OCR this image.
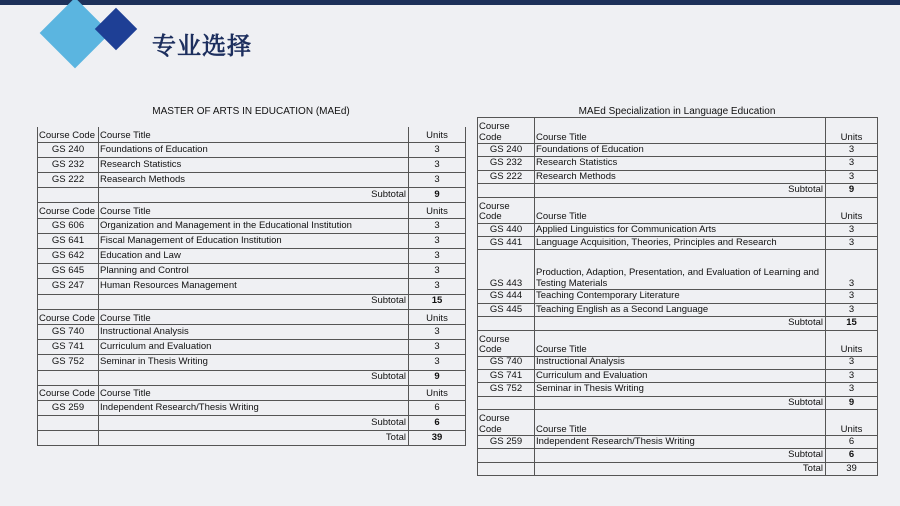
专业选择
MASTER OF ARTS IN EDUCATION (MAEd)	MAEd Specialization in Language Education
Course Code	Course Title	Units
GS 240	Foundations of Education	3
GS 232	Research Statistics	3
GS 222	Reasearch Methods	3
	Subtotal	9
Course Code	Course Title	Units
GS 606	Organization and Management in the Educational Institution	3
GS 641	Fiscal Management of Education Institution	3
GS 642	Education and Law	3
GS 645	Planning and Control	3
GS 247	Human Resources Management	3
	Subtotal	15
Course Code	Course Title	Units
GS 740	Instructional Analysis	3
GS 741	Curriculum and Evaluation	3
GS 752	Seminar in Thesis Writing	3
	Subtotal	9
Course Code	Course Title	Units
GS 259	Independent Research/Thesis Writing	6
	Subtotal	6
	Total	39
Course Code	Course Title	Units
GS 240	Foundations of Education	3
GS 232	Research Statistics	3
GS 222	Research Methods	3
	Subtotal	9
Course Code	Course Title	Units
GS 440	Applied Linguistics for Communication Arts	3
GS 441	Language Acquisition, Theories, Principles and Research	3
GS 443	Production, Adaption, Presentation, and Evaluation of Learning and Testing Materials	3
GS 444	Teaching Contemporary Literature	3
GS 445	Teaching English as a Second Language	3
	Subtotal	15
Course Code	Course Title	Units
GS 740	Instructional Analysis	3
GS 741	Curriculum and Evaluation	3
GS 752	Seminar in Thesis Writing	3
	Subtotal	9
Course Code	Course Title	Units
GS 259	Independent Research/Thesis Writing	6
	Subtotal	6
	Total	39
